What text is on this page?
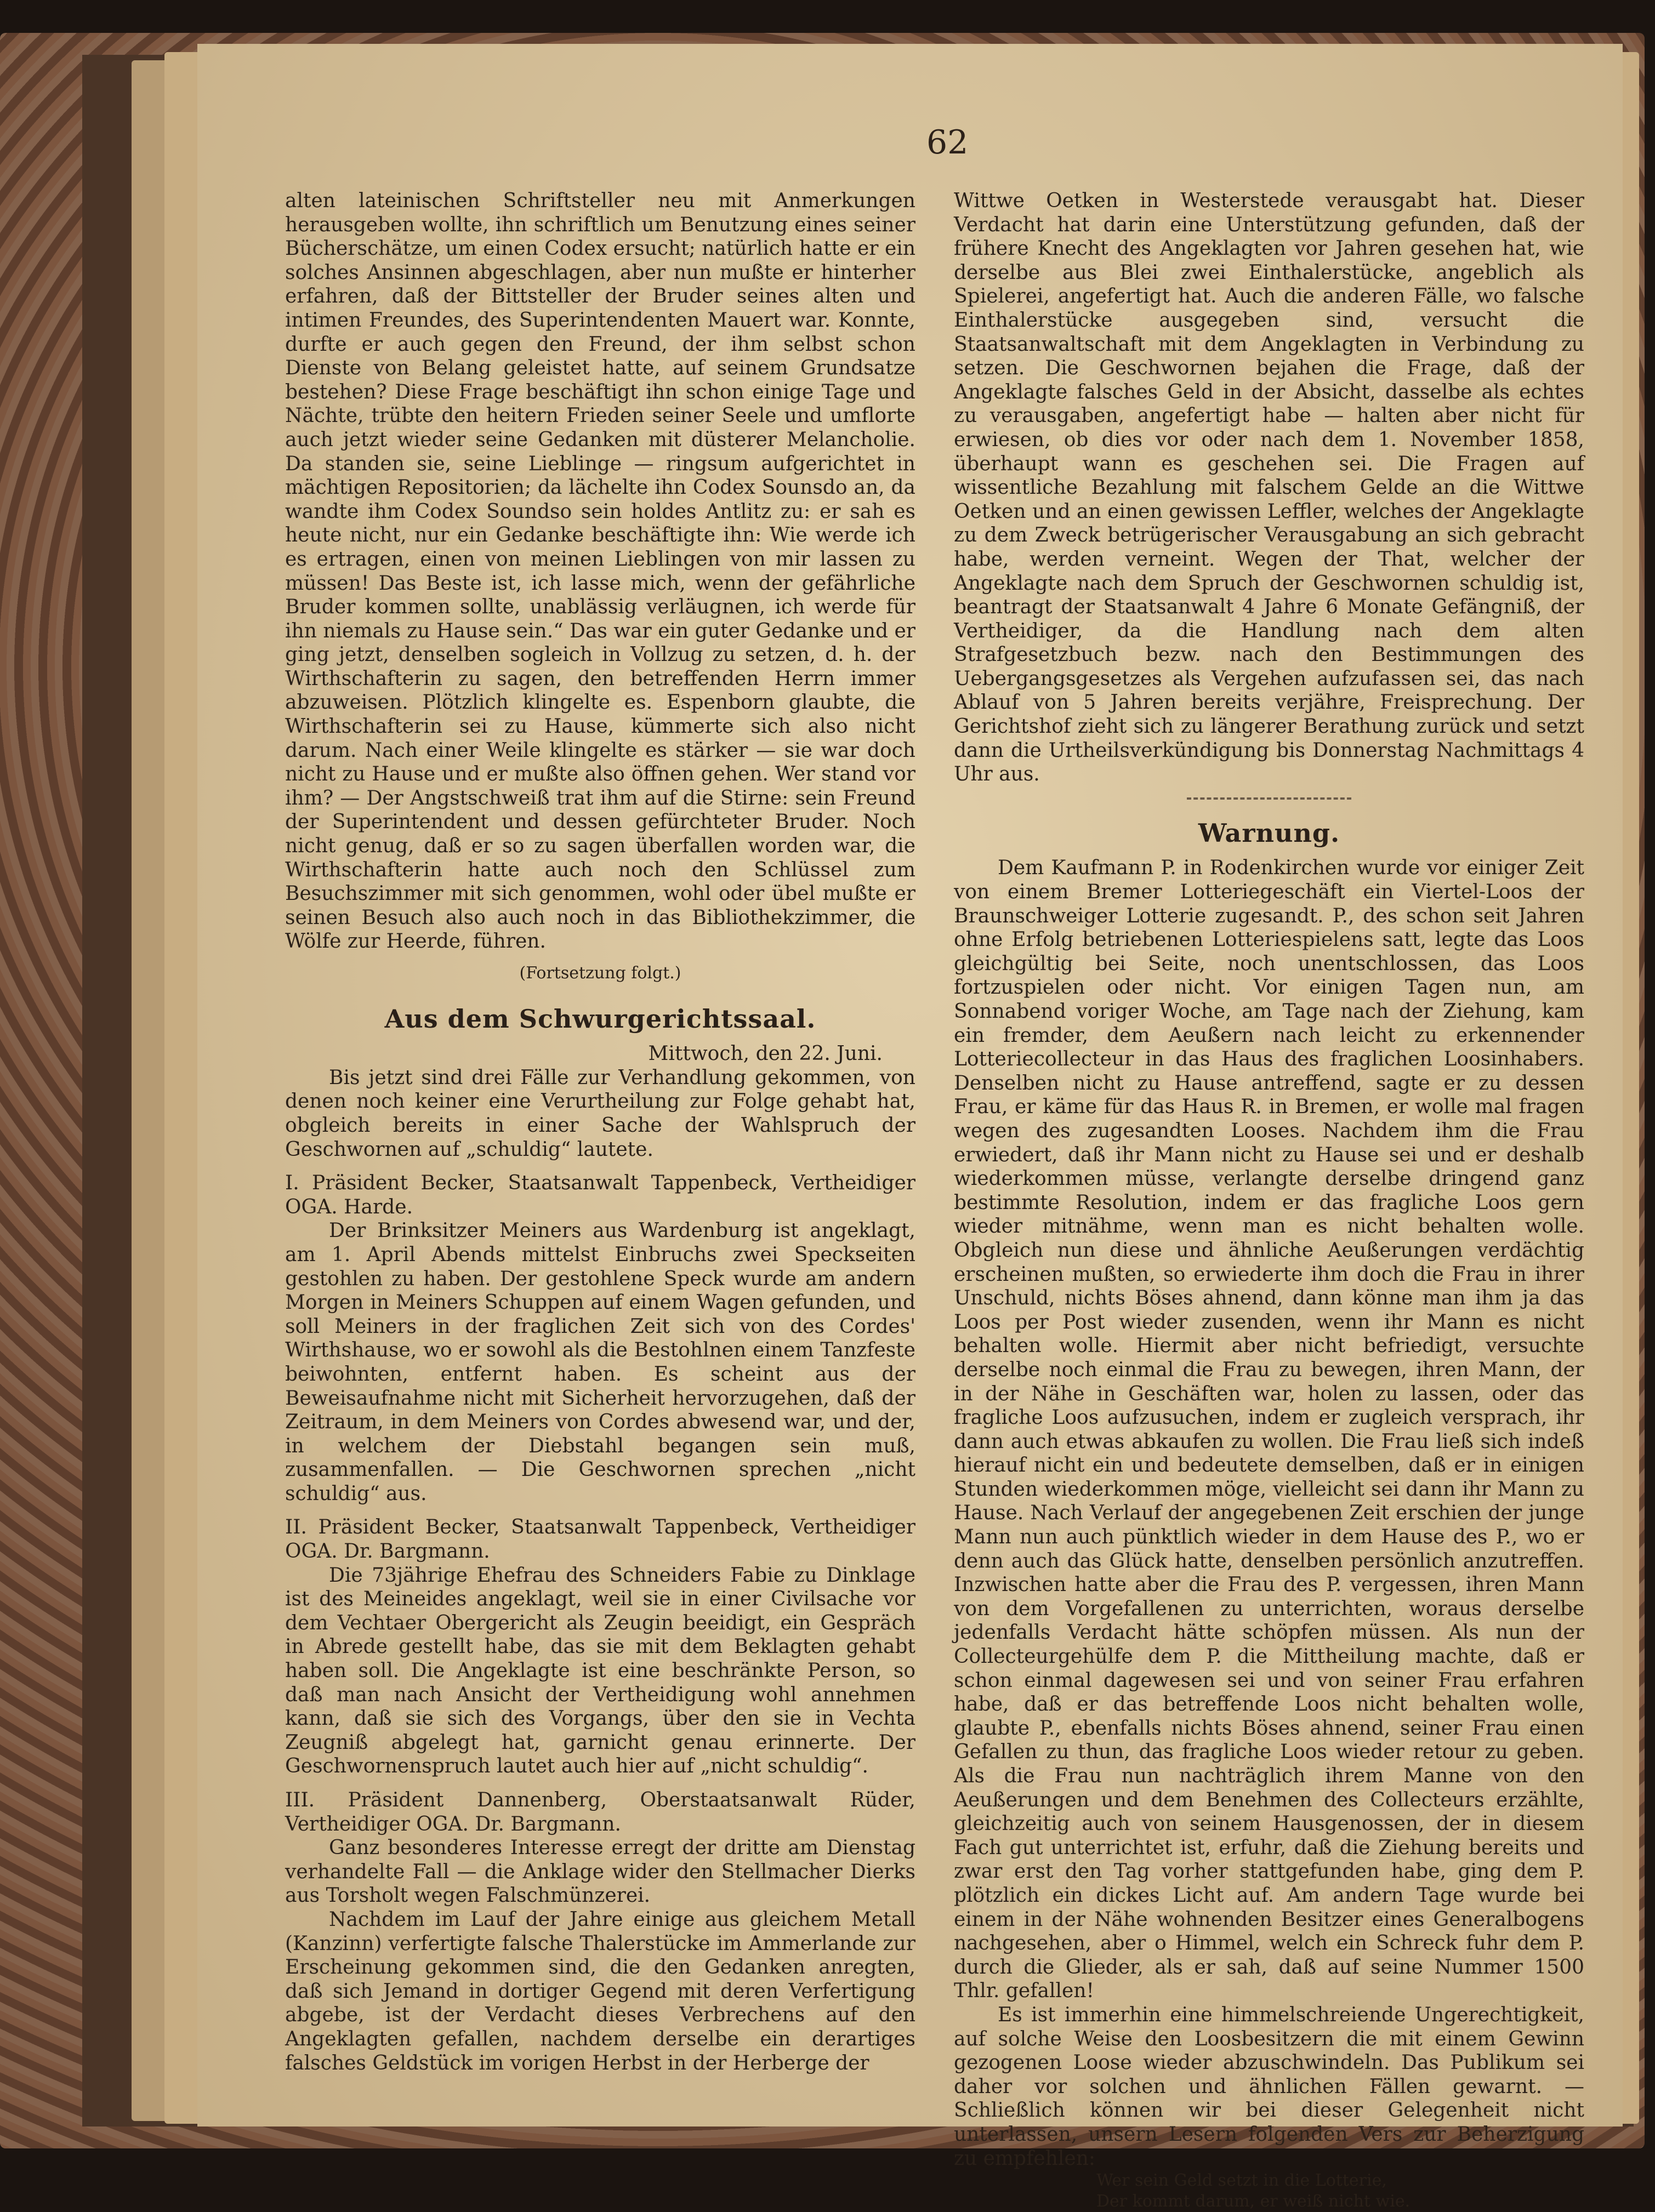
62

alten lateinischen Schriftsteller neu mit Anmerkungen herausgeben wollte, ihn schriftlich um Benutzung eines seiner Bücherschätze, um einen Codex ersucht; natürlich hatte er ein solches Ansinnen abgeschlagen, aber nun mußte er hinterher erfahren, daß der Bittsteller der Bruder seines alten und intimen Freundes, des Superintendenten Mauert war. Konnte, durfte er auch gegen den Freund, der ihm selbst schon Dienste von Belang geleistet hatte, auf seinem Grundsatze bestehen? Diese Frage beschäftigt ihn schon einige Tage und Nächte, trübte den heitern Frieden seiner Seele und umflorte auch jetzt wieder seine Gedanken mit düsterer Melancholie. Da standen sie, seine Lieblinge — ringsum aufgerichtet in mächtigen Repositorien; da lächelte ihn Codex Sounsdo an, da wandte ihm Codex Soundso sein holdes Antlitz zu: er sah es heute nicht, nur ein Gedanke beschäftigte ihn: Wie werde ich es ertragen, einen von meinen Lieblingen von mir lassen zu müssen! Das Beste ist, ich lasse mich, wenn der gefährliche Bruder kommen sollte, unablässig verläugnen, ich werde für ihn niemals zu Hause sein.“ Das war ein guter Gedanke und er ging jetzt, denselben sogleich in Vollzug zu setzen, d. h. der Wirthschafterin zu sagen, den betreffenden Herrn immer abzuweisen. Plötzlich klingelte es. Espenborn glaubte, die Wirthschafterin sei zu Hause, kümmerte sich also nicht darum. Nach einer Weile klingelte es stärker — sie war doch nicht zu Hause und er mußte also öffnen gehen. Wer stand vor ihm? — Der Angstschweiß trat ihm auf die Stirne: sein Freund der Superintendent und dessen gefürchteter Bruder. Noch nicht genug, daß er so zu sagen überfallen worden war, die Wirthschafterin hatte auch noch den Schlüssel zum Besuchszimmer mit sich genommen, wohl oder übel mußte er seinen Besuch also auch noch in das Bibliothekzimmer, die Wölfe zur Heerde, führen.

(Fortsetzung folgt.)

Aus dem Schwurgerichtssaal.

Mittwoch, den 22. Juni.

Bis jetzt sind drei Fälle zur Verhandlung gekommen, von denen noch keiner eine Verurtheilung zur Folge gehabt hat, obgleich bereits in einer Sache der Wahlspruch der Geschwornen auf „schuldig“ lautete.

I. Präsident Becker, Staatsanwalt Tappenbeck, Vertheidiger OGA. Harde.

Der Brinksitzer Meiners aus Wardenburg ist angeklagt, am 1. April Abends mittelst Einbruchs zwei Speckseiten gestohlen zu haben. Der gestohlene Speck wurde am andern Morgen in Meiners Schuppen auf einem Wagen gefunden, und soll Meiners in der fraglichen Zeit sich von des Cordes' Wirthshause, wo er sowohl als die Bestohlnen einem Tanzfeste beiwohnten, entfernt haben. Es scheint aus der Beweisaufnahme nicht mit Sicherheit hervorzugehen, daß der Zeitraum, in dem Meiners von Cordes abwesend war, und der, in welchem der Diebstahl begangen sein muß, zusammenfallen. — Die Geschwornen sprechen „nicht schuldig“ aus.

II. Präsident Becker, Staatsanwalt Tappenbeck, Vertheidiger OGA. Dr. Bargmann.

Die 73jährige Ehefrau des Schneiders Fabie zu Dinklage ist des Meineides angeklagt, weil sie in einer Civilsache vor dem Vechtaer Obergericht als Zeugin beeidigt, ein Gespräch in Abrede gestellt habe, das sie mit dem Beklagten gehabt haben soll. Die Angeklagte ist eine beschränkte Person, so daß man nach Ansicht der Vertheidigung wohl annehmen kann, daß sie sich des Vorgangs, über den sie in Vechta Zeugniß abgelegt hat, garnicht genau erinnerte. Der Geschwornenspruch lautet auch hier auf „nicht schuldig“.

III. Präsident Dannenberg, Oberstaatsanwalt Rüder, Vertheidiger OGA. Dr. Bargmann.

Ganz besonderes Interesse erregt der dritte am Dienstag verhandelte Fall — die Anklage wider den Stellmacher Dierks aus Torsholt wegen Falschmünzerei.

Nachdem im Lauf der Jahre einige aus gleichem Metall (Kanzinn) verfertigte falsche Thalerstücke im Ammerlande zur Erscheinung gekommen sind, die den Gedanken anregten, daß sich Jemand in dortiger Gegend mit deren Verfertigung abgebe, ist der Verdacht dieses Verbrechens auf den Angeklagten gefallen, nachdem derselbe ein derartiges falsches Geldstück im vorigen Herbst in der Herberge der

Wittwe Oetken in Westerstede verausgabt hat. Dieser Verdacht hat darin eine Unterstützung gefunden, daß der frühere Knecht des Angeklagten vor Jahren gesehen hat, wie derselbe aus Blei zwei Einthalerstücke, angeblich als Spielerei, angefertigt hat. Auch die anderen Fälle, wo falsche Einthalerstücke ausgegeben sind, versucht die Staatsanwaltschaft mit dem Angeklagten in Verbindung zu setzen. Die Geschwornen bejahen die Frage, daß der Angeklagte falsches Geld in der Absicht, dasselbe als echtes zu verausgaben, angefertigt habe — halten aber nicht für erwiesen, ob dies vor oder nach dem 1. November 1858, überhaupt wann es geschehen sei. Die Fragen auf wissentliche Bezahlung mit falschem Gelde an die Wittwe Oetken und an einen gewissen Leffler, welches der Angeklagte zu dem Zweck betrügerischer Verausgabung an sich gebracht habe, werden verneint. Wegen der That, welcher der Angeklagte nach dem Spruch der Geschwornen schuldig ist, beantragt der Staatsanwalt 4 Jahre 6 Monate Gefängniß, der Vertheidiger, da die Handlung nach dem alten Strafgesetzbuch bezw. nach den Bestimmungen des Uebergangsgesetzes als Vergehen aufzufassen sei, das nach Ablauf von 5 Jahren bereits verjähre, Freisprechung. Der Gerichtshof zieht sich zu längerer Berathung zurück und setzt dann die Urtheilsverkündigung bis Donnerstag Nachmittags 4 Uhr aus.

Warnung.

Dem Kaufmann P. in Rodenkirchen wurde vor einiger Zeit von einem Bremer Lotteriegeschäft ein Viertel-Loos der Braunschweiger Lotterie zugesandt. P., des schon seit Jahren ohne Erfolg betriebenen Lotteriespielens satt, legte das Loos gleichgültig bei Seite, noch unentschlossen, das Loos fortzuspielen oder nicht. Vor einigen Tagen nun, am Sonnabend voriger Woche, am Tage nach der Ziehung, kam ein fremder, dem Aeußern nach leicht zu erkennender Lotteriecollecteur in das Haus des fraglichen Loosinhabers. Denselben nicht zu Hause antreffend, sagte er zu dessen Frau, er käme für das Haus R. in Bremen, er wolle mal fragen wegen des zugesandten Looses. Nachdem ihm die Frau erwiedert, daß ihr Mann nicht zu Hause sei und er deshalb wiederkommen müsse, verlangte derselbe dringend ganz bestimmte Resolution, indem er das fragliche Loos gern wieder mitnähme, wenn man es nicht behalten wolle. Obgleich nun diese und ähnliche Aeußerungen verdächtig erscheinen mußten, so erwiederte ihm doch die Frau in ihrer Unschuld, nichts Böses ahnend, dann könne man ihm ja das Loos per Post wieder zusenden, wenn ihr Mann es nicht behalten wolle. Hiermit aber nicht befriedigt, versuchte derselbe noch einmal die Frau zu bewegen, ihren Mann, der in der Nähe in Geschäften war, holen zu lassen, oder das fragliche Loos aufzusuchen, indem er zugleich versprach, ihr dann auch etwas abkaufen zu wollen. Die Frau ließ sich indeß hierauf nicht ein und bedeutete demselben, daß er in einigen Stunden wiederkommen möge, vielleicht sei dann ihr Mann zu Hause. Nach Verlauf der angegebenen Zeit erschien der junge Mann nun auch pünktlich wieder in dem Hause des P., wo er denn auch das Glück hatte, denselben persönlich anzutreffen. Inzwischen hatte aber die Frau des P. vergessen, ihren Mann von dem Vorgefallenen zu unterrichten, woraus derselbe jedenfalls Verdacht hätte schöpfen müssen. Als nun der Collecteurgehülfe dem P. die Mittheilung machte, daß er schon einmal dagewesen sei und von seiner Frau erfahren habe, daß er das betreffende Loos nicht behalten wolle, glaubte P., ebenfalls nichts Böses ahnend, seiner Frau einen Gefallen zu thun, das fragliche Loos wieder retour zu geben. Als die Frau nun nachträglich ihrem Manne von den Aeußerungen und dem Benehmen des Collecteurs erzählte, gleichzeitig auch von seinem Hausgenossen, der in diesem Fach gut unterrichtet ist, erfuhr, daß die Ziehung bereits und zwar erst den Tag vorher stattgefunden habe, ging dem P. plötzlich ein dickes Licht auf. Am andern Tage wurde bei einem in der Nähe wohnenden Besitzer eines Generalbogens nachgesehen, aber o Himmel, welch ein Schreck fuhr dem P. durch die Glieder, als er sah, daß auf seine Nummer 1500 Thlr. gefallen!

Es ist immerhin eine himmelschreiende Ungerechtigkeit, auf solche Weise den Loosbesitzern die mit einem Gewinn gezogenen Loose wieder abzuschwindeln. Das Publikum sei daher vor solchen und ähnlichen Fällen gewarnt. — Schließlich können wir bei dieser Gelegenheit nicht unterlassen, unsern Lesern folgenden Vers zur Beherzigung zu empfehlen:

Wer sein Geld setzt in die Lotterie,

Der kommt darum, er weiß nicht wie.
